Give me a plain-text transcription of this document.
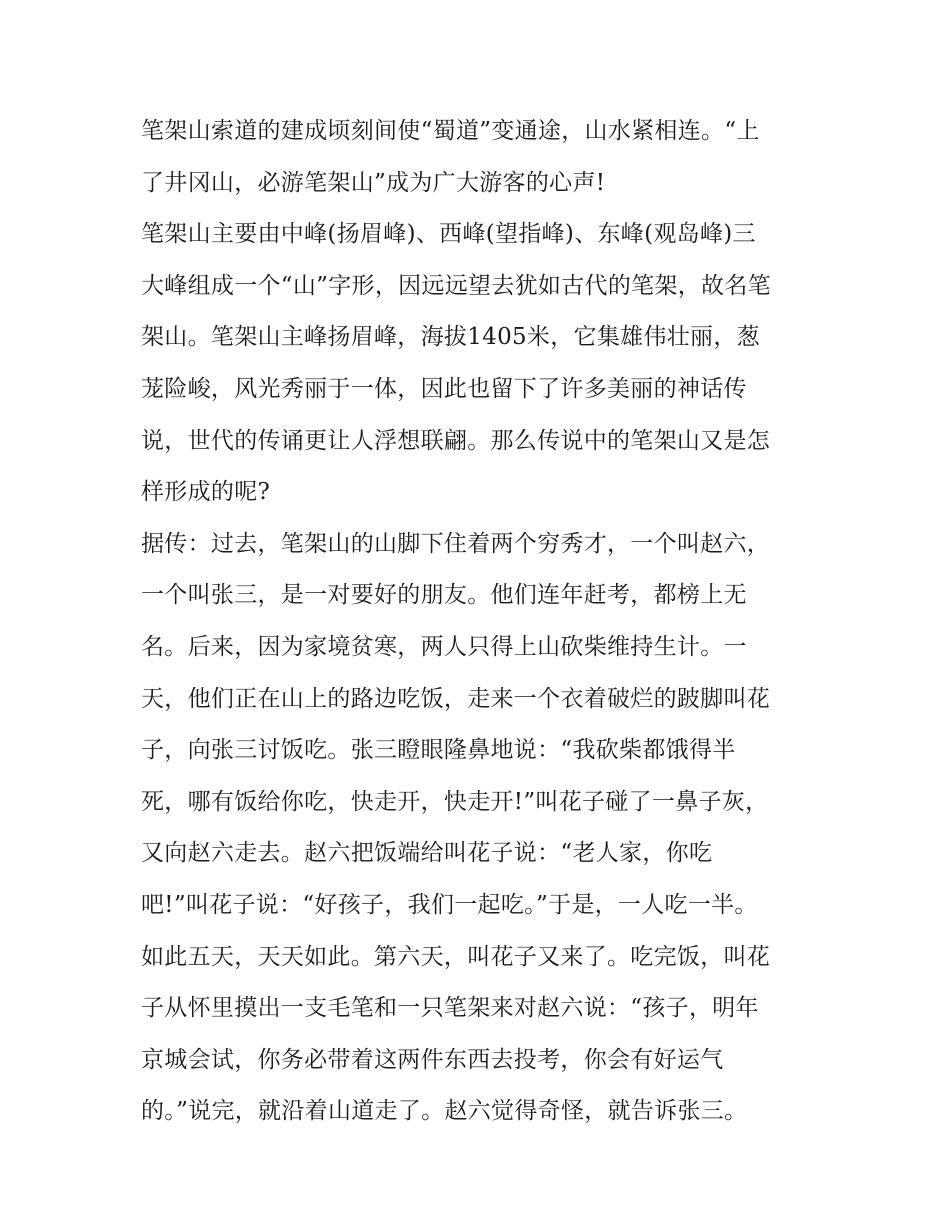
笔架山索道的建成顷刻间使“蜀道”变通途，山水紧相连。“上
了井冈山，必游笔架山”成为广大游客的心声!
笔架山主要由中峰(扬眉峰)、西峰(望指峰)、东峰(观岛峰)三
大峰组成一个“山”字形，因远远望去犹如古代的笔架，故名笔
架山。笔架山主峰扬眉峰，海拔1405米，它集雄伟壮丽，葱
茏险峻，风光秀丽于一体，因此也留下了许多美丽的神话传
说，世代的传诵更让人浮想联翩。那么传说中的笔架山又是怎
样形成的呢?
据传：过去，笔架山的山脚下住着两个穷秀才，一个叫赵六，
一个叫张三，是一对要好的朋友。他们连年赶考，都榜上无
名。后来，因为家境贫寒，两人只得上山砍柴维持生计。一
天，他们正在山上的路边吃饭，走来一个衣着破烂的跛脚叫花
子，向张三讨饭吃。张三瞪眼隆鼻地说：“我砍柴都饿得半
死，哪有饭给你吃，快走开，快走开!”叫花子碰了一鼻子灰，
又向赵六走去。赵六把饭端给叫花子说：“老人家，你吃
吧!”叫花子说：“好孩子，我们一起吃。”于是，一人吃一半。
如此五天，天天如此。第六天，叫花子又来了。吃完饭，叫花
子从怀里摸出一支毛笔和一只笔架来对赵六说：“孩子，明年
京城会试，你务必带着这两件东西去投考，你会有好运气
的。”说完，就沿着山道走了。赵六觉得奇怪，就告诉张三。
